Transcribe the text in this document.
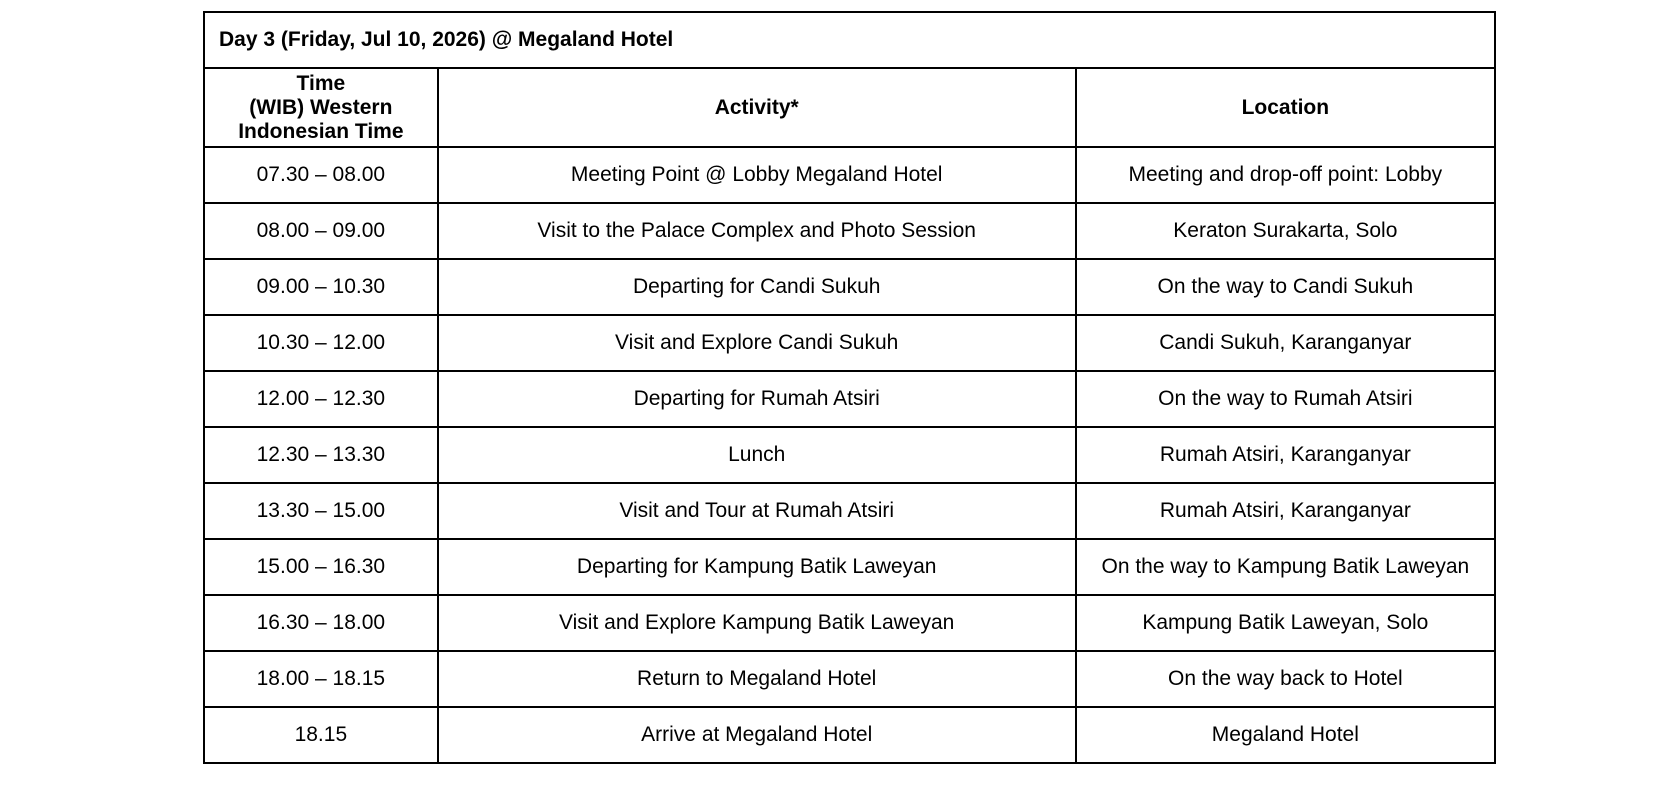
Day 3 (Friday, Jul 10, 2026) @ Megaland Hotel		
Time
(WIB) Western
Indonesian Time	Activity*	Location
07.30 – 08.00	Meeting Point @ Lobby Megaland Hotel	Meeting and drop-off point: Lobby
08.00 – 09.00	Visit to the Palace Complex and Photo Session	Keraton Surakarta, Solo
09.00 – 10.30	Departing for Candi Sukuh	On the way to Candi Sukuh
10.30 – 12.00	Visit and Explore Candi Sukuh	Candi Sukuh, Karanganyar
12.00 – 12.30	Departing for Rumah Atsiri	On the way to Rumah Atsiri
12.30 – 13.30	Lunch	Rumah Atsiri, Karanganyar
13.30 – 15.00	Visit and Tour at Rumah Atsiri	Rumah Atsiri, Karanganyar
15.00 – 16.30	Departing for Kampung Batik Laweyan	On the way to Kampung Batik Laweyan
16.30 – 18.00	Visit and Explore Kampung Batik Laweyan	Kampung Batik Laweyan, Solo
18.00 – 18.15	Return to Megaland Hotel	On the way back to Hotel
18.15	Arrive at Megaland Hotel	Megaland Hotel
